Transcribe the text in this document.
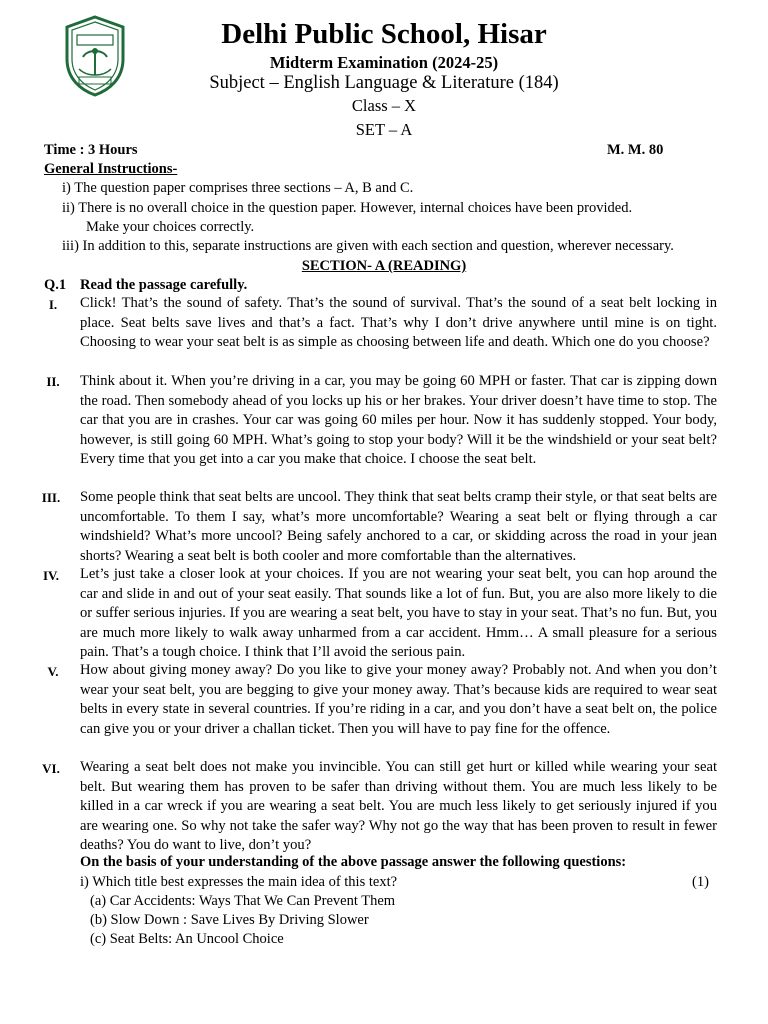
Delhi Public School, Hisar
Midterm Examination (2024-25)
Subject – English Language & Literature (184)
Class – X
SET – A
Time : 3 Hours	M. M. 80
General Instructions-
i) The question paper comprises three sections – A, B and C.
ii) There is no overall choice in the question paper. However, internal choices have been provided.
Make your choices correctly.
iii) In addition to this, separate instructions are given with each section and question, wherever necessary.
SECTION- A (READING)
Q.1 Read the passage carefully.
I.	Click! That’s the sound of safety. That’s the sound of survival. That’s the sound of a seat belt locking in place. Seat belts save lives and that’s a fact. That’s why I don’t drive anywhere until mine is on tight. Choosing to wear your seat belt is as simple as choosing between life and death. Which one do you choose?
II.	Think about it. When you’re driving in a car, you may be going 60 MPH or faster. That car is zipping down the road. Then somebody ahead of you locks up his or her brakes. Your driver doesn’t have time to stop. The car that you are in crashes. Your car was going 60 miles per hour. Now it has suddenly stopped. Your body, however, is still going 60 MPH. What’s going to stop your body? Will it be the windshield or your seat belt? Every time that you get into a car you make that choice. I choose the seat belt.
III.	Some people think that seat belts are uncool. They think that seat belts cramp their style, or that seat belts are uncomfortable. To them I say, what’s more uncomfortable? Wearing a seat belt or flying through a car windshield? What’s more uncool? Being safely anchored to a car, or skidding across the road in your jean shorts? Wearing a seat belt is both cooler and more comfortable than the alternatives.
IV.	Let’s just take a closer look at your choices. If you are not wearing your seat belt, you can hop around the car and slide in and out of your seat easily. That sounds like a lot of fun. But, you are also more likely to die or suffer serious injuries. If you are wearing a seat belt, you have to stay in your seat. That’s no fun. But, you are much more likely to walk away unharmed from a car accident. Hmm… A small pleasure for a serious pain. That’s a tough choice. I think that I’ll avoid the serious pain.
V.	How about giving money away? Do you like to give your money away? Probably not. And when you don’t wear your seat belt, you are begging to give your money away. That’s because kids are required to wear seat belts in every state in several countries. If you’re riding in a car, and you don’t have a seat belt on, the police can give you or your driver a challan ticket. Then you will have to pay fine for the offence.
VI.	Wearing a seat belt does not make you invincible. You can still get hurt or killed while wearing your seat belt. But wearing them has proven to be safer than driving without them. You are much less likely to be killed in a car wreck if you are wearing a seat belt. You are much less likely to get seriously injured if you are wearing one. So why not take the safer way? Why not go the way that has been proven to result in fewer deaths? You do want to live, don’t you?
On the basis of your understanding of the above passage answer the following questions:
i) Which title best expresses the main idea of this text?	(1)
(a) Car Accidents: Ways That We Can Prevent Them
(b) Slow Down : Save Lives By Driving Slower
(c) Seat Belts: An Uncool Choice
